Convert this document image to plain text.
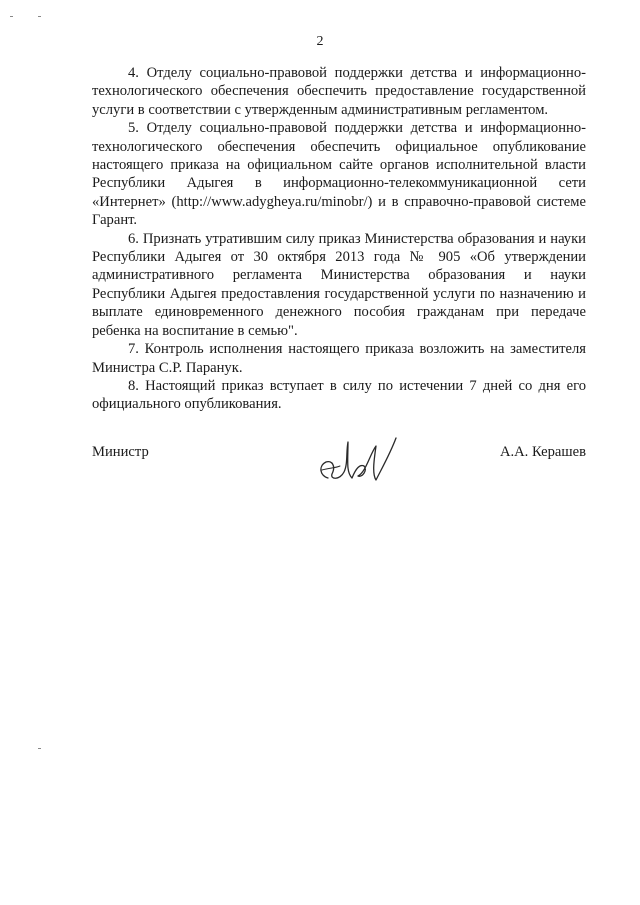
2

4. Отделу социально-правовой поддержки детства и информационно-технологического обеспечения обеспечить предоставление государственной услуги в соответствии с утвержденным административным регламентом.

5. Отделу социально-правовой поддержки детства и информационно-технологического обеспечения обеспечить официальное опубликование настоящего приказа на официальном сайте органов исполнительной власти Республики Адыгея в информационно-телекоммуникационной сети «Интернет» (http://www.adygheya.ru/minobr/) и в справочно-правовой системе Гарант.

6. Признать утратившим силу приказ Министерства образования и науки Республики Адыгея от 30 октября 2013 года № 905 «Об утверждении административного регламента Министерства образования и науки Республики Адыгея предоставления государственной услуги по назначению и выплате единовременного денежного пособия гражданам при передаче ребенка на воспитание в семью".

7. Контроль исполнения настоящего приказа возложить на заместителя Министра С.Р. Паранук.

8. Настоящий приказ вступает в силу по истечении 7 дней со дня его официального опубликования.

Министр	А.А. Керашев
